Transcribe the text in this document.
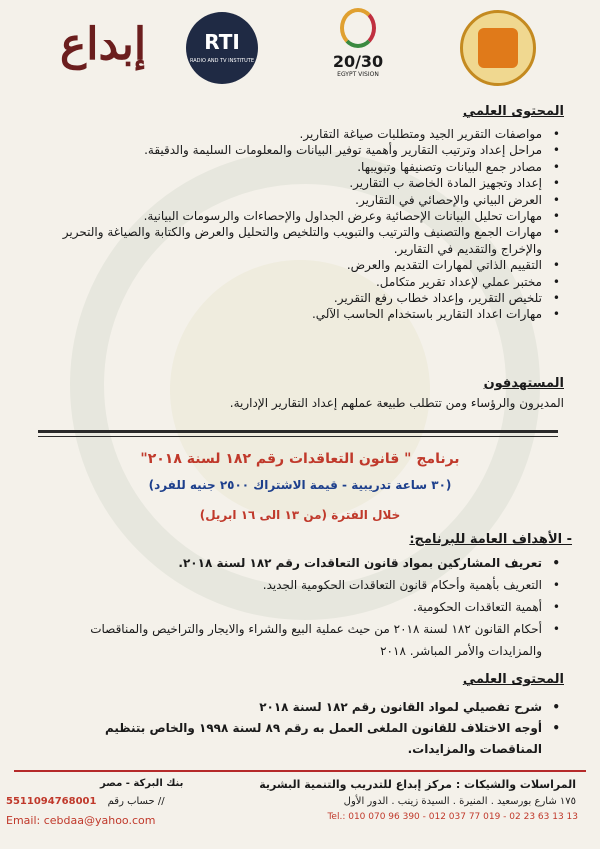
إبداع	RTI
RADIO AND TV INSTITUTE	20/30
EGYPT VISION
المحتوى العلمي
• مواصفات التقرير الجيد ومتطلبات صياغة التقارير.
• مراحل إعداد وترتيب التقارير وأهمية توفير البيانات والمعلومات السليمة والدقيقة.
• مصادر جمع البيانات وتصنيفها وتبويبها.
• إعداد وتجهيز المادة الخاصة ب التقارير.
• العرض البياني والإحصائي في التقارير.
• مهارات تحليل البيانات الإحصائية وعرض الجداول والإحصاءات والرسومات البيانية.
• مهارات الجمع والتصنيف والترتيب والتبويب والتلخيص والتحليل والعرض والكتابة والصياغة والتحرير والإخراج والتقديم في التقارير.
• التقييم الذاتي لمهارات التقديم والعرض.
• مختبر عملي لإعداد تقرير متكامل.
• تلخيص التقرير، وإعداد خطاب رفع التقرير.
• مهارات اعداد التقارير باستخدام الحاسب الآلي.
المستهدفون
المديرون والرؤساء ومن تتطلب طبيعة عملهم إعداد التقارير الإدارية.
برنامج " قانون التعاقدات رقم ١٨٢ لسنة ٢٠١٨"
(٣٠ ساعة تدريبية - قيمة الاشتراك ٢٥٠٠ جنيه للفرد)
خلال الفترة (من ١٣ الى ١٦ ابريل)
- الأهداف العامة للبرنامج:
• تعريف المشاركين بمواد قانون التعاقدات رقم ١٨٢ لسنة ٢٠١٨.
• التعريف بأهمية وأحكام قانون التعاقدات الحكومية الجديد.
• أهمية التعاقدات الحكومية.
• أحكام القانون ١٨٢ لسنة ٢٠١٨ من حيث عملية البيع والشراء والايجار والتراخيص والمناقصات والمزايدات والأمر المباشر. ٢٠١٨
المحتوى العلمي
• شرح تفصيلي لمواد القانون رقم ١٨٢ لسنة ٢٠١٨
• أوجه الاختلاف للقانون الملغى العمل به رقم ٨٩ لسنة ١٩٩٨ والخاص بتنظيم المناقصات والمزايدات.
المراسلات والشيكات : مركز إبداع للتدريب والتنمية البشرية
١٧٥ شارع بورسعيد . المنيرة . السيدة زينب . الدور الأول
Tel.: 010 070 96 390 - 012 037 77 019 - 02 23 63 13 13
بنك البركة - مصر
5511094768001 حساب رقم //
Email: cebdaa@yahoo.com
